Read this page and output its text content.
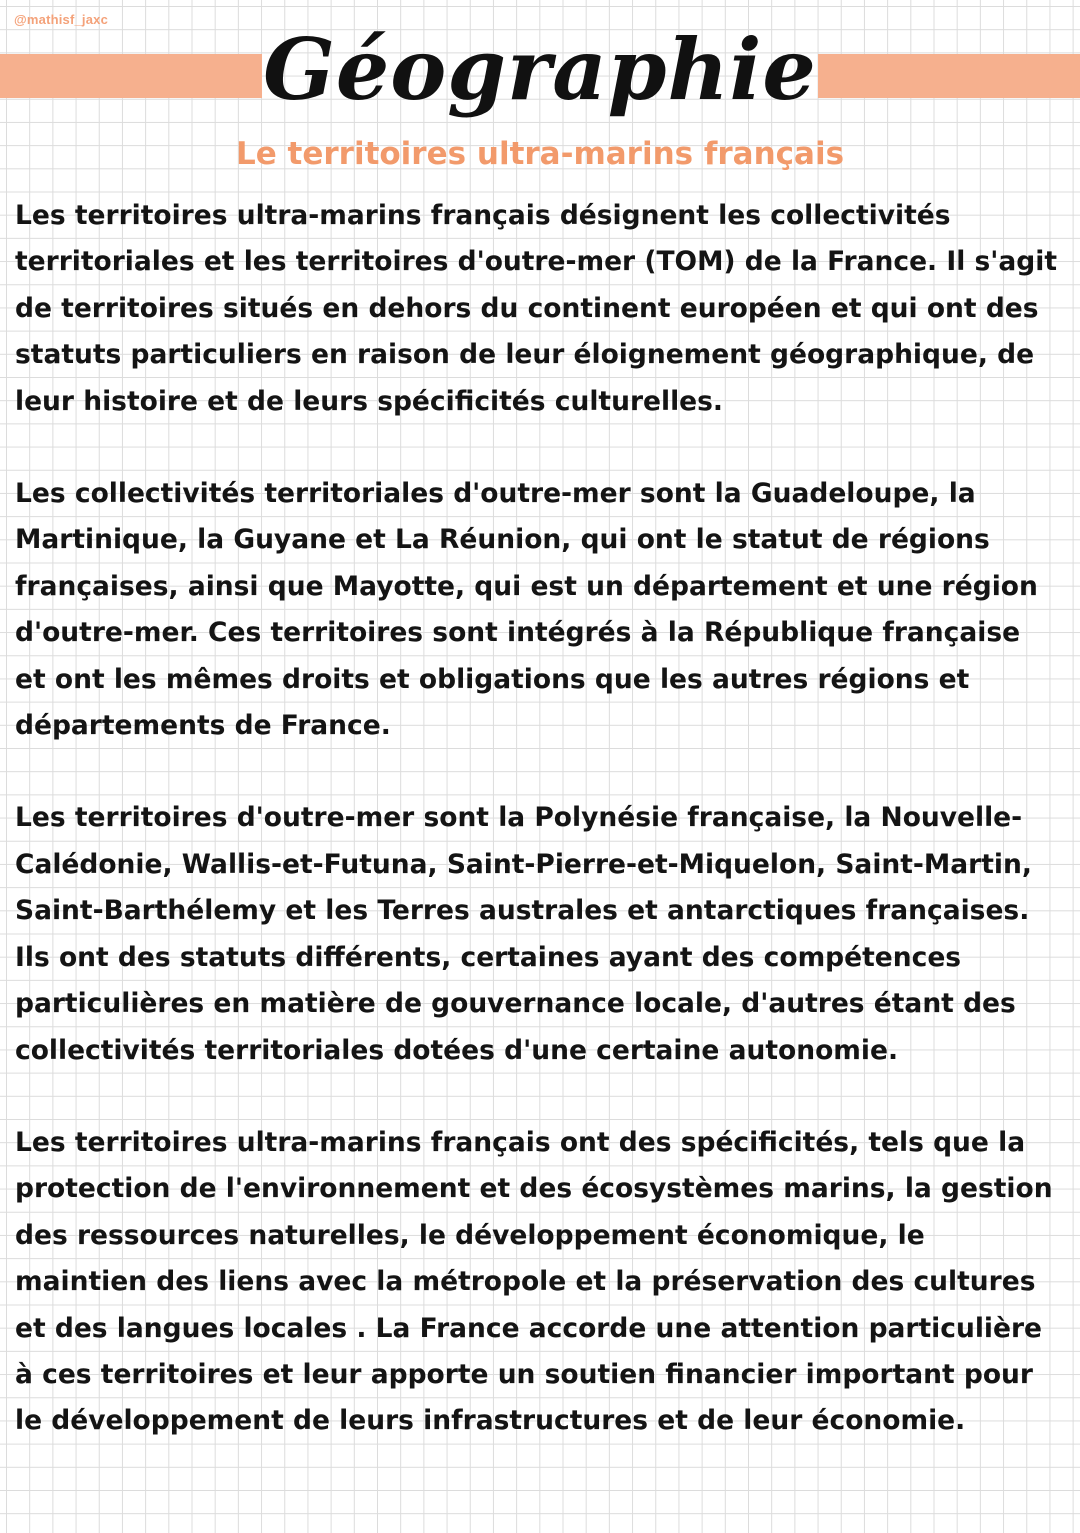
@mathisf_jaxc
Géographie
Le territoires ultra-marins français

Les territoires ultra-marins français désignent les collectivités
territoriales et les territoires d'outre-mer (TOM) de la France. Il s'agit
de territoires situés en dehors du continent européen et qui ont des
statuts particuliers en raison de leur éloignement géographique, de
leur histoire et de leurs spécificités culturelles.

Les collectivités territoriales d'outre-mer sont la Guadeloupe, la
Martinique, la Guyane et La Réunion, qui ont le statut de régions
françaises, ainsi que Mayotte, qui est un département et une région
d'outre-mer. Ces territoires sont intégrés à la République française
et ont les mêmes droits et obligations que les autres régions et
départements de France.

Les territoires d'outre-mer sont la Polynésie française, la Nouvelle-
Calédonie, Wallis-et-Futuna, Saint-Pierre-et-Miquelon, Saint-Martin,
Saint-Barthélemy et les Terres australes et antarctiques françaises.
Ils ont des statuts différents, certaines ayant des compétences
particulières en matière de gouvernance locale, d'autres étant des
collectivités territoriales dotées d'une certaine autonomie.

Les territoires ultra-marins français ont des spécificités, tels que la
protection de l'environnement et des écosystèmes marins, la gestion
des ressources naturelles, le développement économique, le
maintien des liens avec la métropole et la préservation des cultures
et des langues locales . La France accorde une attention particulière
à ces territoires et leur apporte un soutien financier important pour
le développement de leurs infrastructures et de leur économie.
